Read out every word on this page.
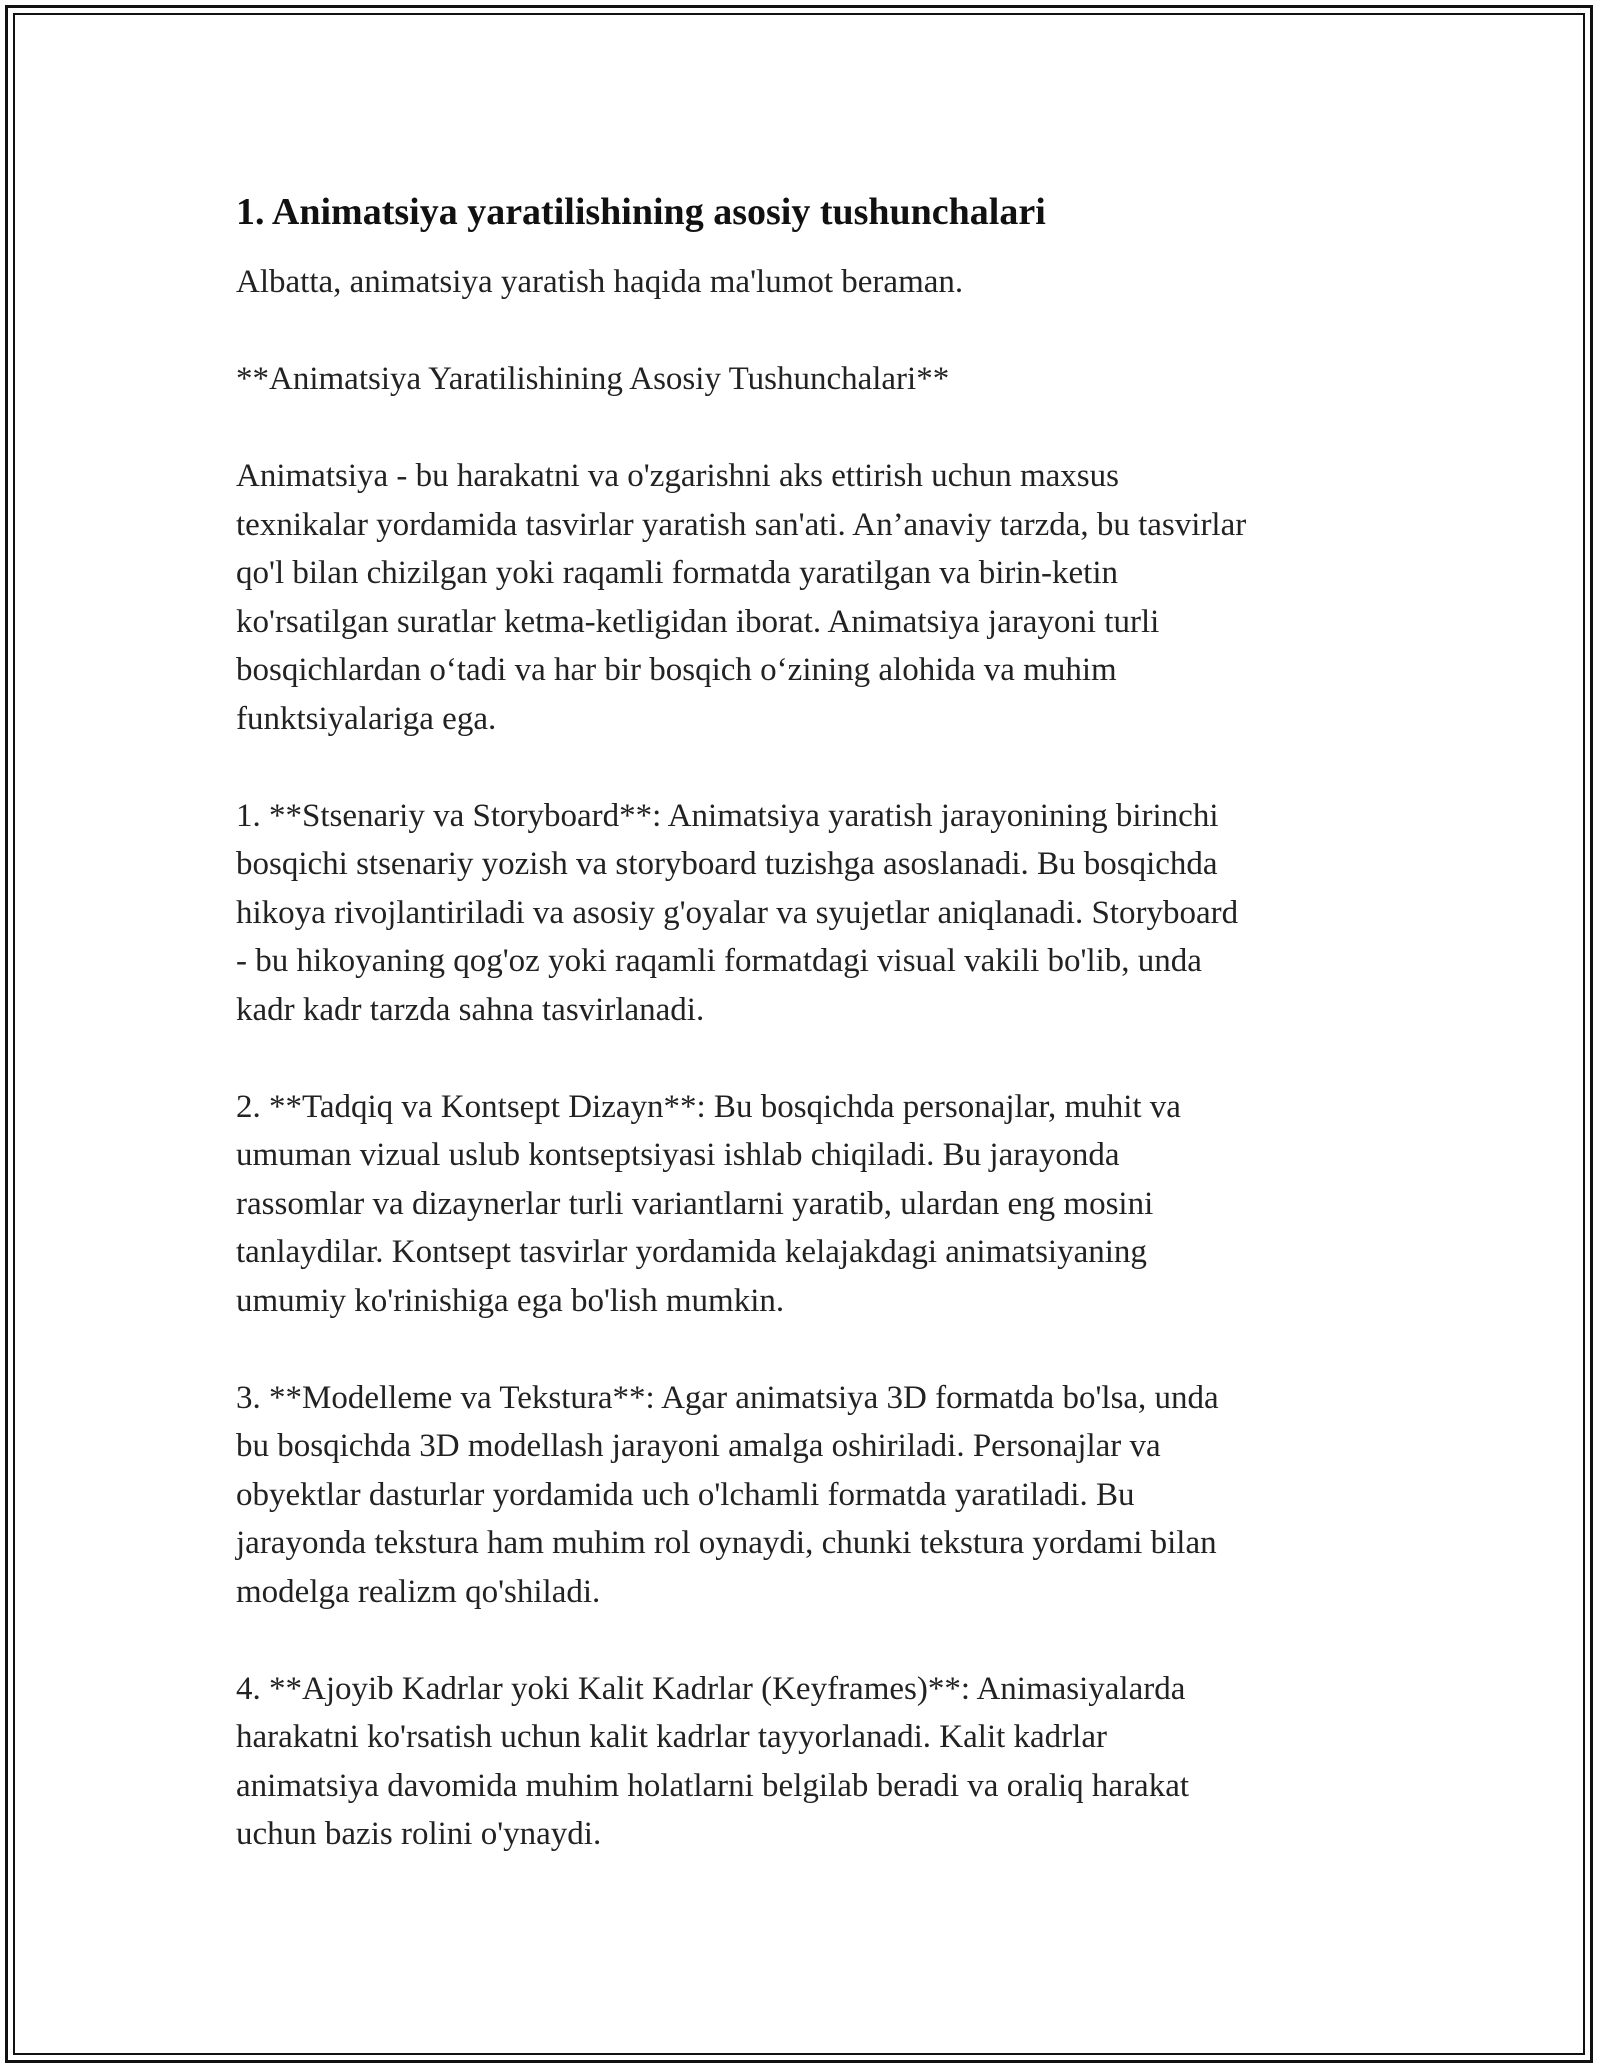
1. Animatsiya yaratilishining asosiy tushunchalari

Albatta, animatsiya yaratish haqida ma'lumot beraman.

**Animatsiya Yaratilishining Asosiy Tushunchalari**

Animatsiya - bu harakatni va o'zgarishni aks ettirish uchun maxsus
texnikalar yordamida tasvirlar yaratish san'ati. An’anaviy tarzda, bu tasvirlar
qo'l bilan chizilgan yoki raqamli formatda yaratilgan va birin-ketin
ko'rsatilgan suratlar ketma-ketligidan iborat. Animatsiya jarayoni turli
bosqichlardan o‘tadi va har bir bosqich o‘zining alohida va muhim
funktsiyalariga ega.

1. **Stsenariy va Storyboard**: Animatsiya yaratish jarayonining birinchi
bosqichi stsenariy yozish va storyboard tuzishga asoslanadi. Bu bosqichda
hikoya rivojlantiriladi va asosiy g'oyalar va syujetlar aniqlanadi. Storyboard
- bu hikoyaning qog'oz yoki raqamli formatdagi visual vakili bo'lib, unda
kadr kadr tarzda sahna tasvirlanadi.

2. **Tadqiq va Kontsept Dizayn**: Bu bosqichda personajlar, muhit va
umuman vizual uslub kontseptsiyasi ishlab chiqiladi. Bu jarayonda
rassomlar va dizaynerlar turli variantlarni yaratib, ulardan eng mosini
tanlaydilar. Kontsept tasvirlar yordamida kelajakdagi animatsiyaning
umumiy ko'rinishiga ega bo'lish mumkin.

3. **Modelleme va Tekstura**: Agar animatsiya 3D formatda bo'lsa, unda
bu bosqichda 3D modellash jarayoni amalga oshiriladi. Personajlar va
obyektlar dasturlar yordamida uch o'lchamli formatda yaratiladi. Bu
jarayonda tekstura ham muhim rol oynaydi, chunki tekstura yordami bilan
modelga realizm qo'shiladi.

4. **Ajoyib Kadrlar yoki Kalit Kadrlar (Keyframes)**: Animasiyalarda
harakatni ko'rsatish uchun kalit kadrlar tayyorlanadi. Kalit kadrlar
animatsiya davomida muhim holatlarni belgilab beradi va oraliq harakat
uchun bazis rolini o'ynaydi.
